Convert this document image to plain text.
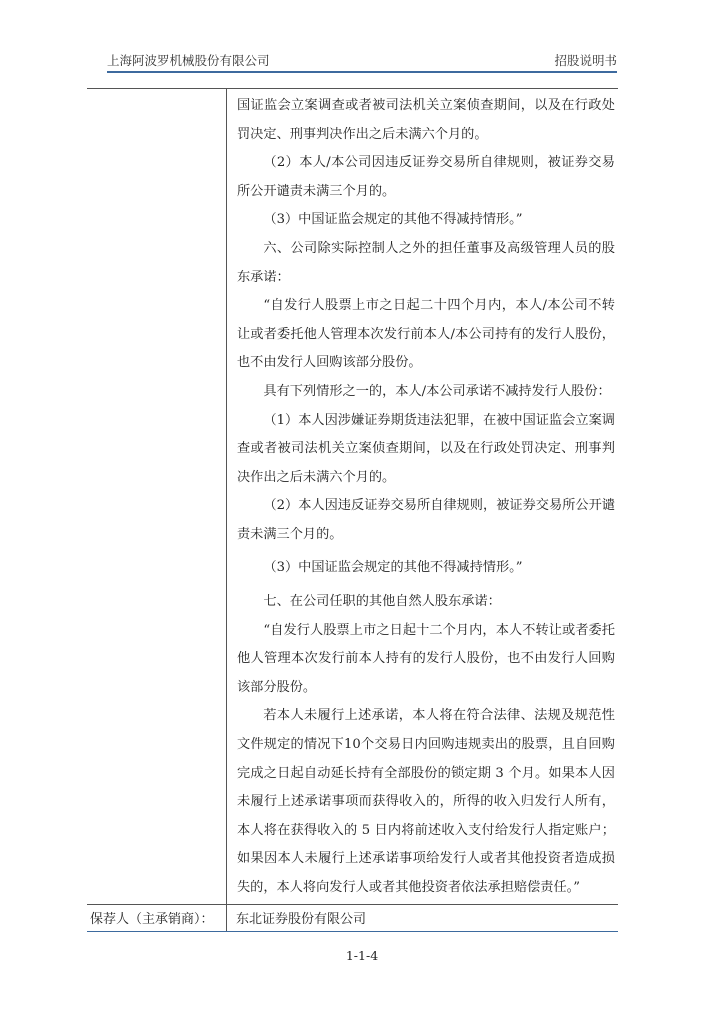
上海阿波罗机械股份有限公司	招股说明书

国证监会立案调查或者被司法机关立案侦查期间，以及在行政处罚决定、刑事判决作出之后未满六个月的。

（2）本人/本公司因违反证券交易所自律规则，被证券交易所公开谴责未满三个月的。

（3）中国证监会规定的其他不得减持情形。”

六、公司除实际控制人之外的担任董事及高级管理人员的股东承诺：

“自发行人股票上市之日起二十四个月内，本人/本公司不转让或者委托他人管理本次发行前本人/本公司持有的发行人股份，也不由发行人回购该部分股份。

具有下列情形之一的，本人/本公司承诺不减持发行人股份：

（1）本人因涉嫌证券期货违法犯罪，在被中国证监会立案调查或者被司法机关立案侦查期间，以及在行政处罚决定、刑事判决作出之后未满六个月的。

（2）本人因违反证券交易所自律规则，被证券交易所公开谴责未满三个月的。

（3）中国证监会规定的其他不得减持情形。”

七、在公司任职的其他自然人股东承诺：

“自发行人股票上市之日起十二个月内，本人不转让或者委托他人管理本次发行前本人持有的发行人股份，也不由发行人回购该部分股份。

若本人未履行上述承诺，本人将在符合法律、法规及规范性文件规定的情况下10个交易日内回购违规卖出的股票，且自回购完成之日起自动延长持有全部股份的锁定期 3 个月。如果本人因未履行上述承诺事项而获得收入的，所得的收入归发行人所有，本人将在获得收入的 5 日内将前述收入支付给发行人指定账户；如果因本人未履行上述承诺事项给发行人或者其他投资者造成损失的，本人将向发行人或者其他投资者依法承担赔偿责任。”

保荐人（主承销商）： 东北证券股份有限公司
1-1-4
